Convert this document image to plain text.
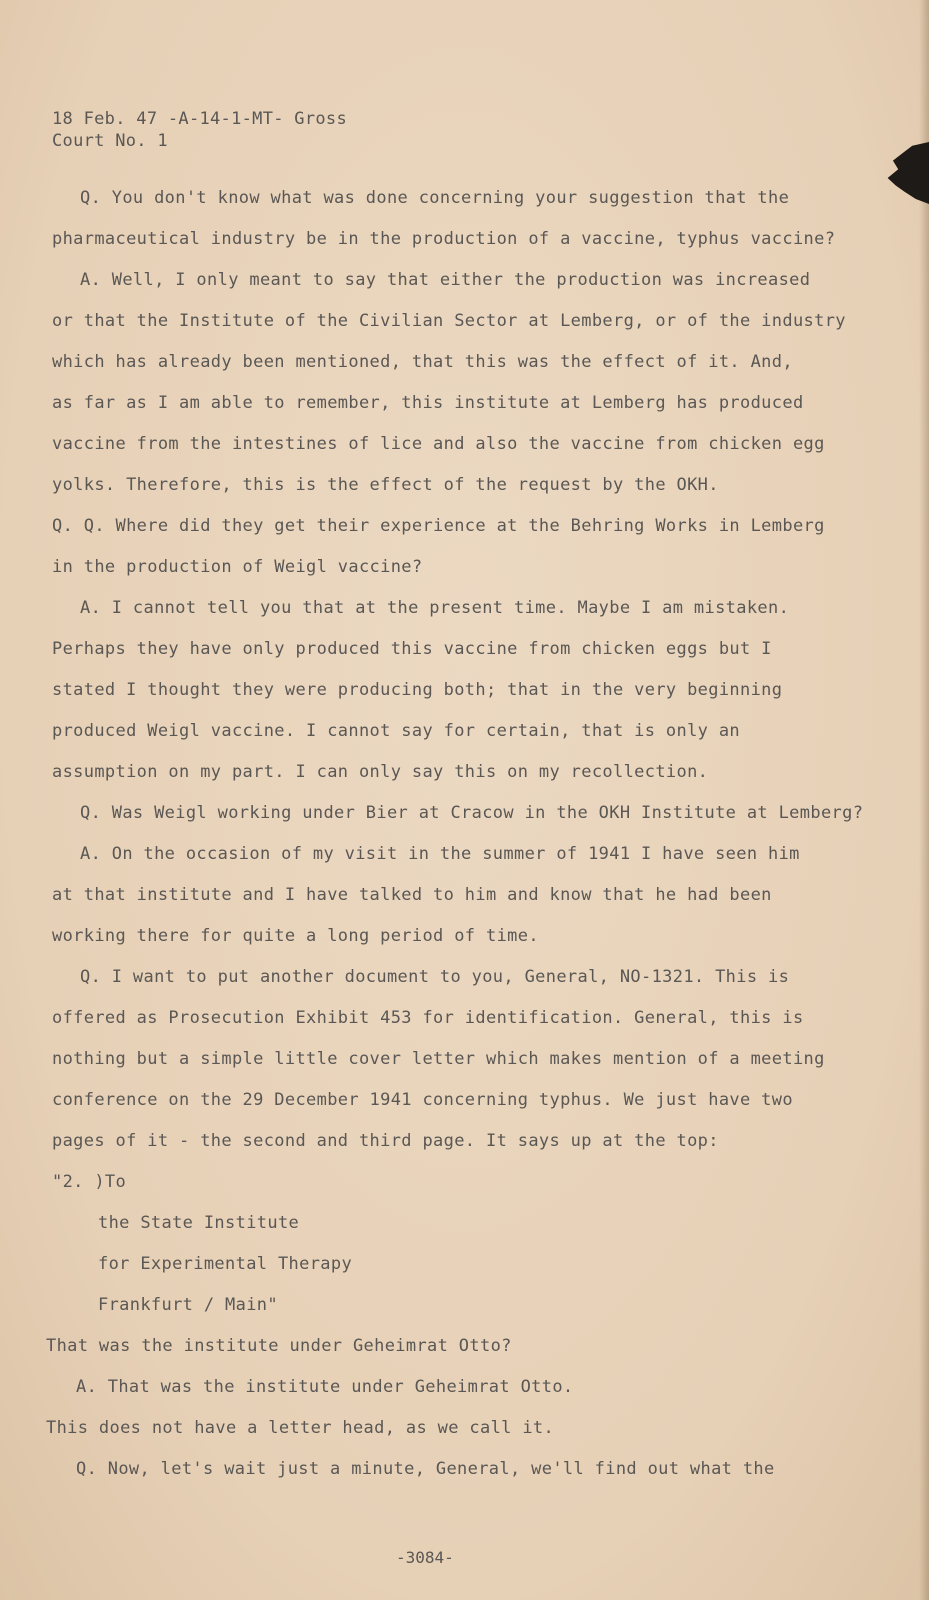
18 Feb. 47 -A-14-1-MT- Gross
Court No. 1
Q. You don't know what was done concerning your suggestion that the
pharmaceutical industry be in the production of a vaccine, typhus vaccine?
A. Well, I only meant to say that either the production was increased
or that the Institute of the Civilian Sector at Lemberg, or of the industry
which has already been mentioned, that this was the effect of it. And,
as far as I am able to remember, this institute at Lemberg has produced
vaccine from the intestines of lice and also the vaccine from chicken egg
yolks. Therefore, this is the effect of the request by the OKH.
Q. Q. Where did they get their experience at the Behring Works in Lemberg
in the production of Weigl vaccine?
A. I cannot tell you that at the present time. Maybe I am mistaken.
Perhaps they have only produced this vaccine from chicken eggs but I
stated I thought they were producing both; that in the very beginning
produced Weigl vaccine. I cannot say for certain, that is only an
assumption on my part. I can only say this on my recollection.
Q. Was Weigl working under Bier at Cracow in the OKH Institute at Lemberg?
A. On the occasion of my visit in the summer of 1941 I have seen him
at that institute and I have talked to him and know that he had been
working there for quite a long period of time.
Q. I want to put another document to you, General, NO-1321. This is
offered as Prosecution Exhibit 453 for identification. General, this is
nothing but a simple little cover letter which makes mention of a meeting
conference on the 29 December 1941 concerning typhus. We just have two
pages of it - the second and third page. It says up at the top:
"2. )To
the State Institute
for Experimental Therapy
Frankfurt / Main"
That was the institute under Geheimrat Otto?
A. That was the institute under Geheimrat Otto.
This does not have a letter head, as we call it.
Q. Now, let's wait just a minute, General, we'll find out what the
-3084-
